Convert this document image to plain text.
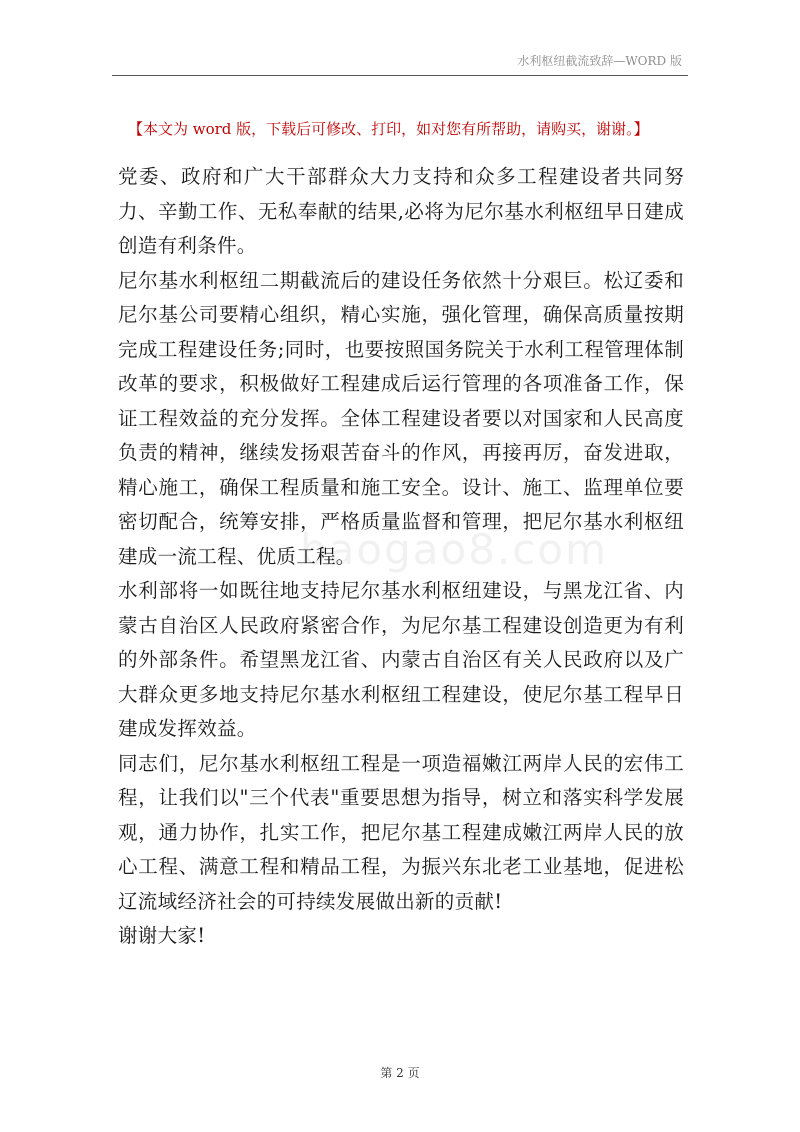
水利枢纽截流致辞—WORD 版
【本文为 word 版，下载后可修改、打印，如对您有所帮助，请购买，谢谢。】
baogao8.com

党委、政府和广大干部群众大力支持和众多工程建设者共同努力、辛勤工作、无私奉献的结果,必将为尼尔基水利枢纽早日建成创造有利条件。

尼尔基水利枢纽二期截流后的建设任务依然十分艰巨。松辽委和尼尔基公司要精心组织，精心实施，强化管理，确保高质量按期完成工程建设任务;同时，也要按照国务院关于水利工程管理体制改革的要求，积极做好工程建成后运行管理的各项准备工作，保证工程效益的充分发挥。全体工程建设者要以对国家和人民高度负责的精神，继续发扬艰苦奋斗的作风，再接再厉，奋发进取，精心施工，确保工程质量和施工安全。设计、施工、监理单位要密切配合，统筹安排，严格质量监督和管理，把尼尔基水利枢纽建成一流工程、优质工程。

水利部将一如既往地支持尼尔基水利枢纽建设，与黑龙江省、内蒙古自治区人民政府紧密合作，为尼尔基工程建设创造更为有利的外部条件。希望黑龙江省、内蒙古自治区有关人民政府以及广大群众更多地支持尼尔基水利枢纽工程建设，使尼尔基工程早日建成发挥效益。

同志们，尼尔基水利枢纽工程是一项造福嫩江两岸人民的宏伟工程，让我们以"三个代表"重要思想为指导，树立和落实科学发展观，通力协作，扎实工作，把尼尔基工程建成嫩江两岸人民的放心工程、满意工程和精品工程，为振兴东北老工业基地，促进松辽流域经济社会的可持续发展做出新的贡献!

谢谢大家!

第 2 页
